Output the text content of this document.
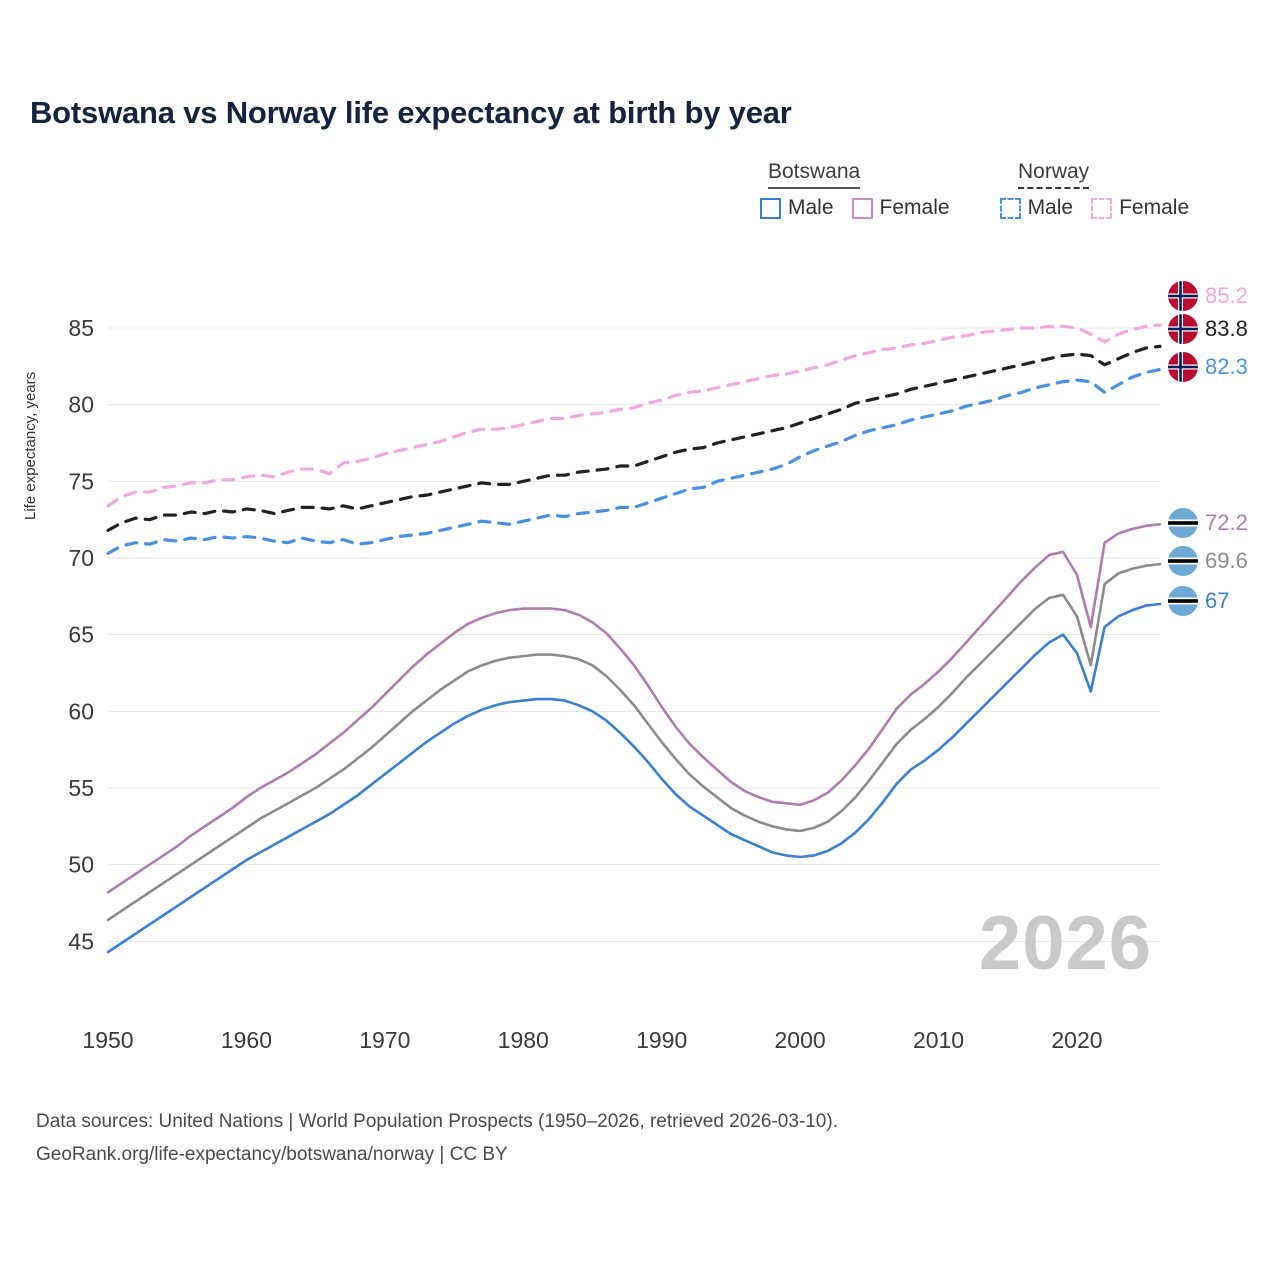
Botswana vs Norway life expectancy at birth by year
Botswana	Norway
Male Female	Male Female
Life expectancy, years
45
50
55
60
65
70
75
80
85
1950	1960	1970	1980	1990	2000	2010	2020
2026
85.2
83.8
82.3
72.2
69.6
67
Data sources: United Nations | World Population Prospects (1950–2026, retrieved 2026-03-10).
GeoRank.org/life-expectancy/botswana/norway | CC BY
